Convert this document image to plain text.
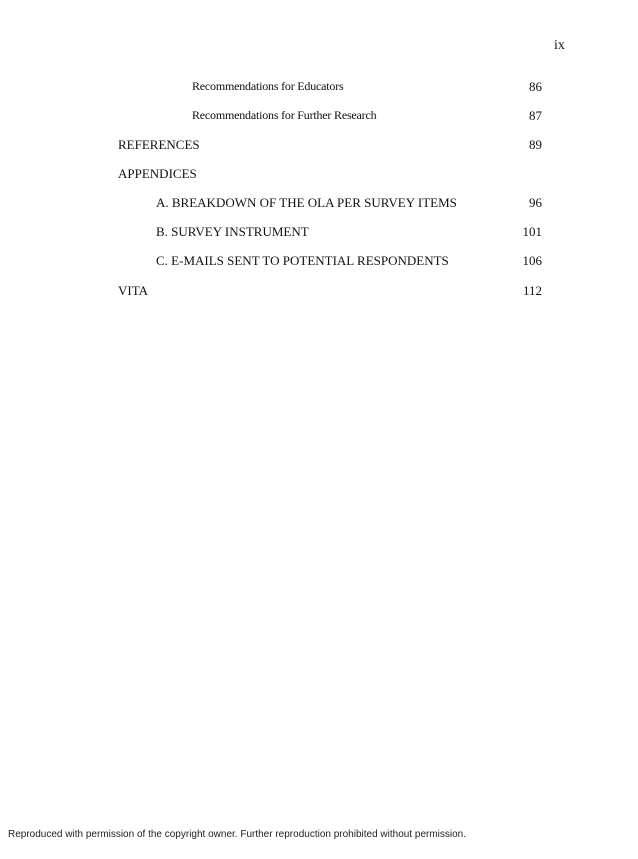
ix
Recommendations for Educators	86
Recommendations for Further Research	87
REFERENCES	89
APPENDICES
A. BREAKDOWN OF THE OLA PER SURVEY ITEMS	96
B. SURVEY INSTRUMENT	101
C. E-MAILS SENT TO POTENTIAL RESPONDENTS	106
VITA	112
Reproduced with permission of the copyright owner. Further reproduction prohibited without permission.
